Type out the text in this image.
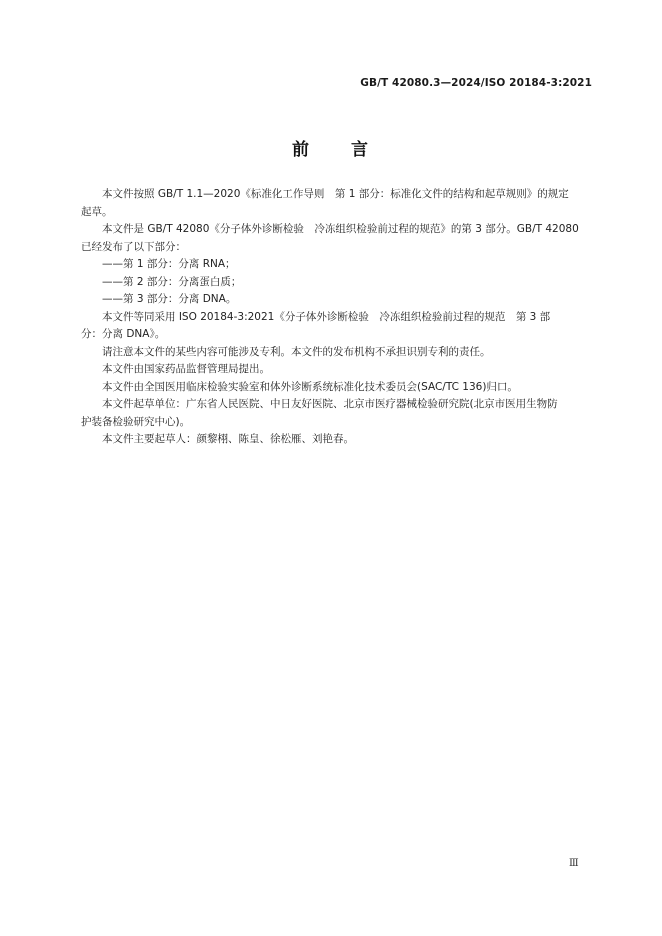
GB/T 42080.3—2024/ISO 20184-3:2021
前 言
本文件按照 GB/T 1.1—2020《标准化工作导则　第 1 部分：标准化文件的结构和起草规则》的规定
起草。
本文件是 GB/T 42080《分子体外诊断检验　冷冻组织检验前过程的规范》的第 3 部分。GB/T 42080
已经发布了以下部分：
——第 1 部分：分离 RNA；
——第 2 部分：分离蛋白质；
——第 3 部分：分离 DNA。
本文件等同采用 ISO 20184-3:2021《分子体外诊断检验　冷冻组织检验前过程的规范　第 3 部
分：分离 DNA》。
请注意本文件的某些内容可能涉及专利。本文件的发布机构不承担识别专利的责任。
本文件由国家药品监督管理局提出。
本文件由全国医用临床检验实验室和体外诊断系统标准化技术委员会(SAC/TC 136)归口。
本文件起草单位：广东省人民医院、中日友好医院、北京市医疗器械检验研究院(北京市医用生物防
护装备检验研究中心)。
本文件主要起草人：颜黎栩、陈皇、徐松雁、刘艳春。
Ⅲ
